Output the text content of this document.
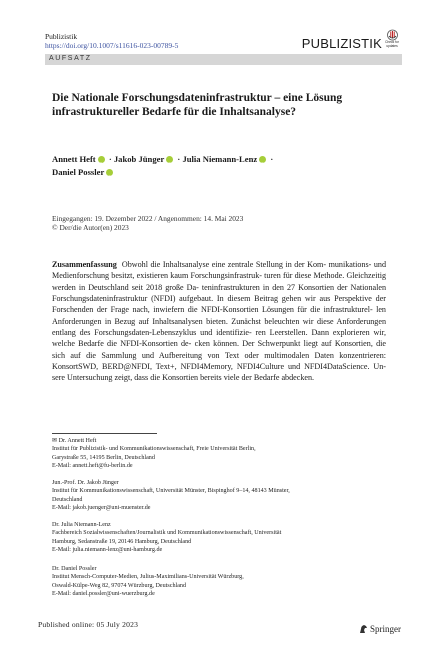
Publizistik
https://doi.org/10.1007/s11616-023-00789-5	PUBLIZISTIK Check for updates
AUFSATZ
Die Nationale Forschungsdateninfrastruktur – eine Lösung infrastruktureller Bedarfe für die Inhaltsanalyse?
Annett Heft iD · Jakob Jünger iD · Julia Niemann-Lenz iD ·
Daniel PossleriD
Eingegangen: 19. Dezember 2022 / Angenommen: 14. Mai 2023
© Der/die Autor(en) 2023
Zusammenfassung Obwohl die Inhaltsanalyse eine zentrale Stellung in der Kom- munikations- und Medienforschung besitzt, existieren kaum Forschungsinfrastruk- turen für diese Methode. Gleichzeitig werden in Deutschland seit 2018 große Da- teninfrastrukturen in den 27 Konsortien der Nationalen Forschungsdateninfrastruktur (NFDI) aufgebaut. In diesem Beitrag gehen wir aus Perspektive der Forschenden der Frage nach, inwiefern die NFDI-Konsortien Lösungen für die infrastrukturel- len Anforderungen in Bezug auf Inhaltsanalysen bieten. Zunächst beleuchten wir diese Anforderungen entlang des Forschungsdaten-Lebenszyklus und identifizie- ren Leerstellen. Dann explorieren wir, welche Bedarfe die NFDI-Konsortien de- cken können. Der Schwerpunkt liegt auf Konsortien, die sich auf die Sammlung und Aufbereitung von Text oder multimodalen Daten konzentrieren: KonsortSWD, BERD@NFDI, Text+, NFDI4Memory, NFDI4Culture und NFDI4DataScience. Un- sere Untersuchung zeigt, dass die Konsortien bereits viele der Bedarfe abdecken.
✉ Dr. Annett Heft
Institut für Publizistik- und Kommunikationswissenschaft, Freie Universität Berlin,
Garystraße 55, 14195 Berlin, Deutschland
E-Mail: annett.heft@fu-berlin.de
Jun.-Prof. Dr. Jakob Jünger
Institut für Kommunikationswissenschaft, Universität Münster, Bispinghof 9–14, 48143 Münster,
Deutschland
E-Mail: jakob.juenger@uni-muenster.de
Dr. Julia Niemann-Lenz
Fachbereich Sozialwissenschaften/Journalistik und Kommunikationswissenschaft, Universität
Hamburg, Sedanstraße 19, 20146 Hamburg, Deutschland
E-Mail: julia.niemann-lenz@uni-hamburg.de
Dr. Daniel Possler
Institut Mensch-Computer-Medien, Julius-Maximilians-Universität Würzburg,
Oswald-Külpe-Weg 82, 97074 Würzburg, Deutschland
E-Mail: daniel.possler@uni-wuerzburg.de
Published online: 05 July 2023	Springer
